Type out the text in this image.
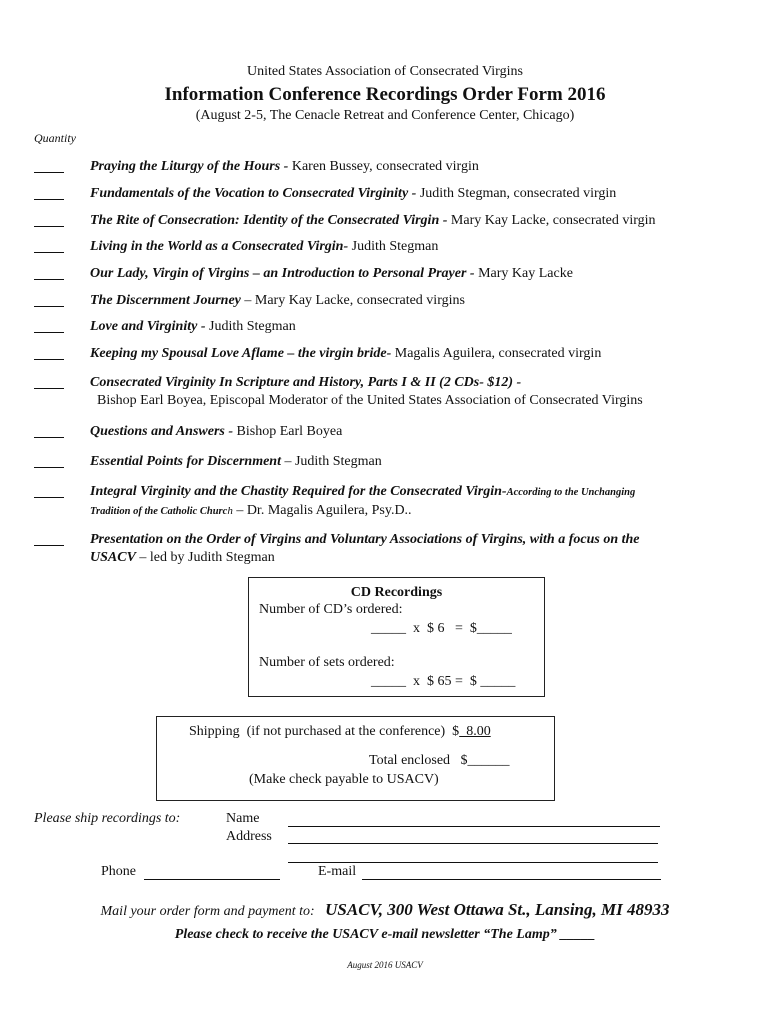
United States Association of Consecrated Virgins
Information Conference Recordings Order Form 2016
(August 2-5, The Cenacle Retreat and Conference Center, Chicago)
Quantity
Praying the Liturgy of the Hours - Karen Bussey, consecrated virgin
Fundamentals of the Vocation to Consecrated Virginity - Judith Stegman, consecrated virgin
The Rite of Consecration: Identity of the Consecrated Virgin - Mary Kay Lacke, consecrated virgin
Living in the World as a Consecrated Virgin- Judith Stegman
Our Lady, Virgin of Virgins – an Introduction to Personal Prayer - Mary Kay Lacke
The Discernment Journey – Mary Kay Lacke, consecrated virgins
Love and Virginity - Judith Stegman
Keeping my Spousal Love Aflame – the virgin bride- Magalis Aguilera, consecrated virgin
Consecrated Virginity In Scripture and History, Parts I & II (2 CDs- $12) -
Bishop Earl Boyea, Episcopal Moderator of the United States Association of Consecrated Virgins
Questions and Answers - Bishop Earl Boyea
Essential Points for Discernment – Judith Stegman
Integral Virginity and the Chastity Required for the Consecrated Virgin-According to the Unchanging
Tradition of the Catholic Church – Dr. Magalis Aguilera, Psy.D..
Presentation on the Order of Virgins and Voluntary Associations of Virgins, with a focus on the
USACV – led by Judith Stegman
CD Recordings
Number of CD’s ordered:
_____  x  $ 6   =  $_____
Number of sets ordered:
_____  x  $ 65 =  $ _____
Shipping  (if not purchased at the conference)  $  8.00
Total enclosed   $______
(Make check payable to USACV)
Please ship recordings to:	Name
Address
Phone	E-mail
Mail your order form and payment to: USACV, 300 West Ottawa St., Lansing, MI 48933
Please check to receive the USACV e-mail newsletter “The Lamp” _____
August 2016 USACV
